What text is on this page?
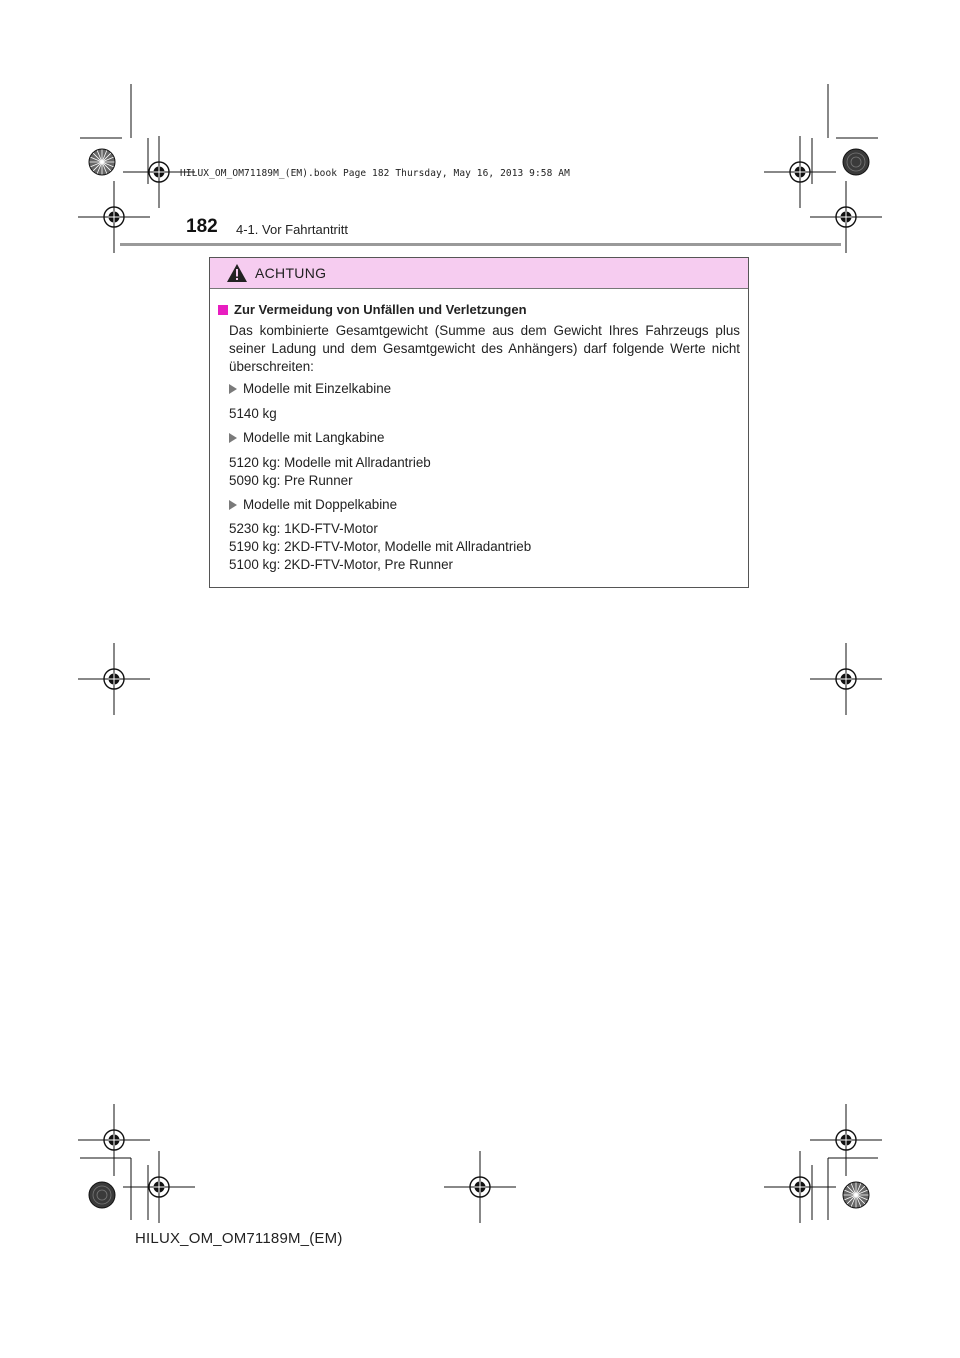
HILUX_OM_OM71189M_(EM).book Page 182 Thursday, May 16, 2013 9:58 AM
182 4-1. Vor Fahrtantritt
ACHTUNG
Zur Vermeidung von Unfällen und Verletzungen
Das kombinierte Gesamtgewicht (Summe aus dem Gewicht Ihres Fahrzeugs plus seiner Ladung und dem Gesamtgewicht des Anhängers) darf folgende Werte nicht überschreiten:
Modelle mit Einzelkabine
5140 kg
Modelle mit Langkabine
5120 kg: Modelle mit Allradantrieb
5090 kg: Pre Runner
Modelle mit Doppelkabine
5230 kg: 1KD-FTV-Motor
5190 kg: 2KD-FTV-Motor, Modelle mit Allradantrieb
5100 kg: 2KD-FTV-Motor, Pre Runner
HILUX_OM_OM71189M_(EM)
